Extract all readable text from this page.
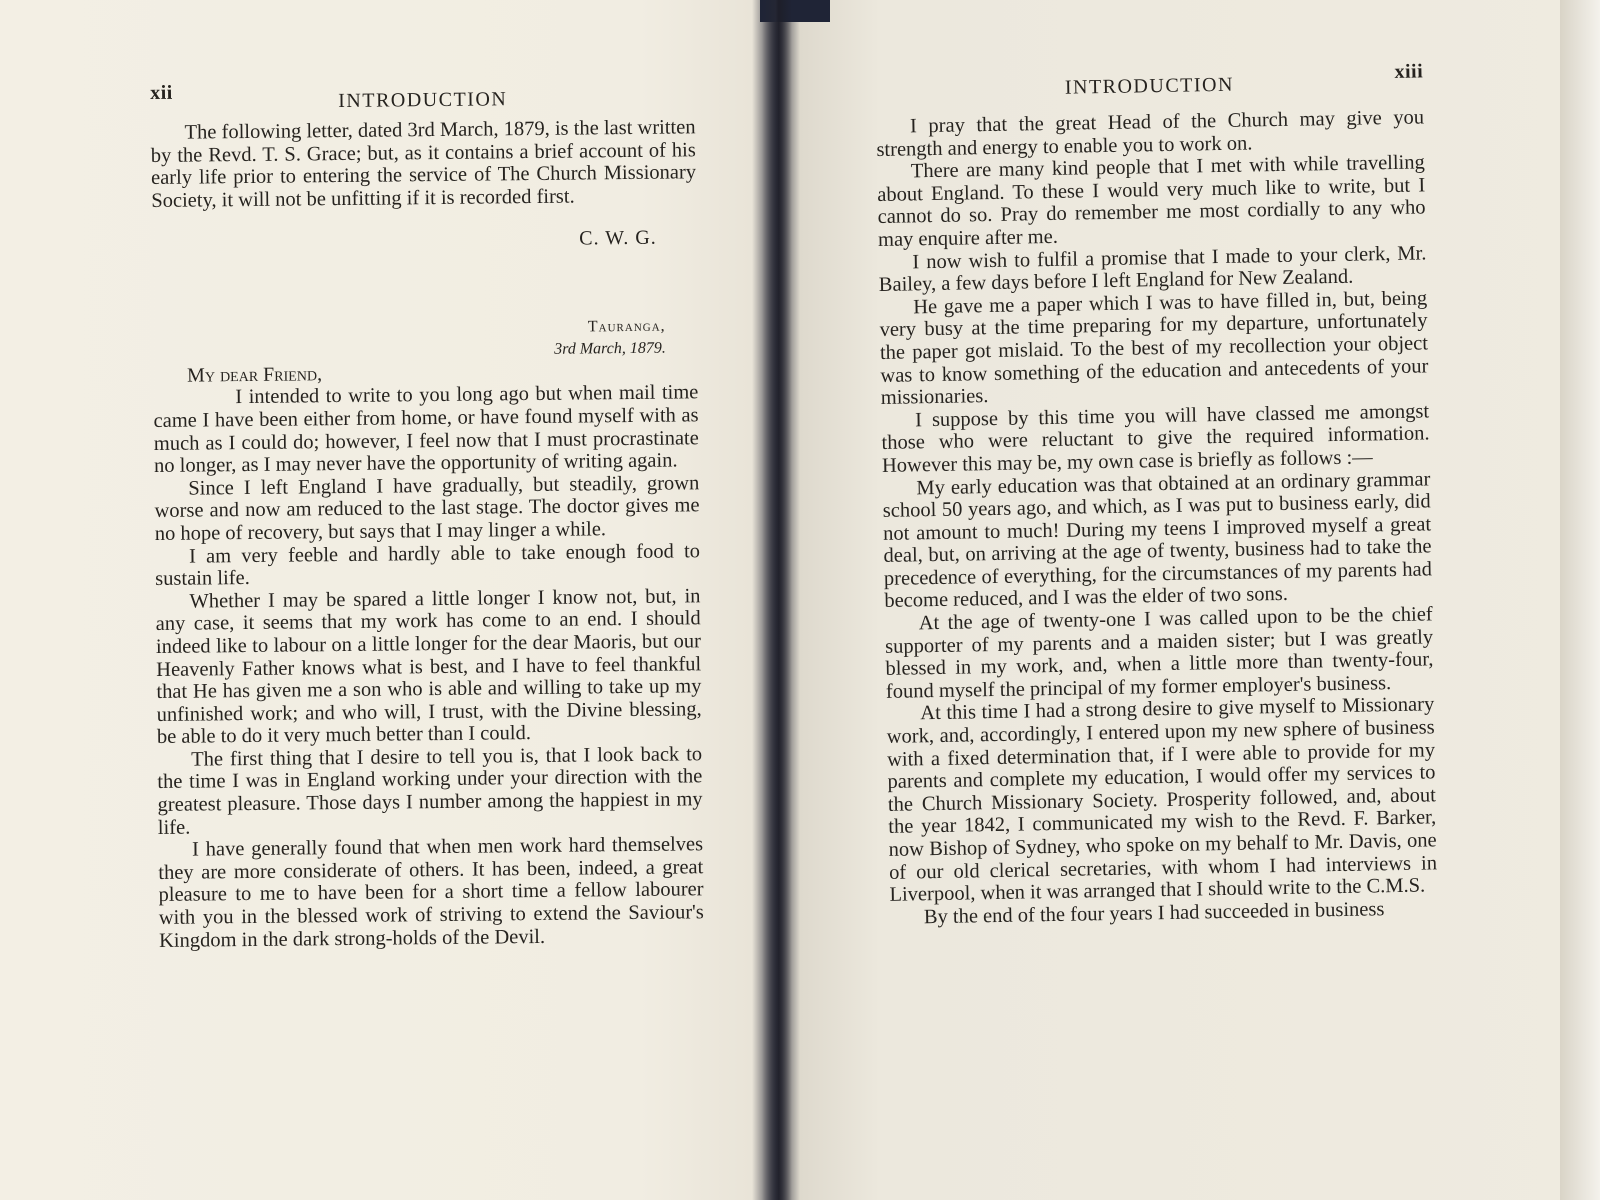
xii	INTRODUCTION

The following letter, dated 3rd March, 1879, is the last written by the Revd. T. S. Grace; but, as it contains a brief account of his early life prior to entering the service of The Church Missionary Society, it will not be unfitting if it is recorded first.

C. W. G.
Tauranga,
3rd March, 1879.
My dear Friend,

I intended to write to you long ago but when mail time came I have been either from home, or have found myself with as much as I could do; however, I feel now that I must procrastinate no longer, as I may never have the opportunity of writing again.

Since I left England I have gradually, but steadily, grown worse and now am reduced to the last stage. The doctor gives me no hope of recovery, but says that I may linger a while.

I am very feeble and hardly able to take enough food to sustain life.

Whether I may be spared a little longer I know not, but, in any case, it seems that my work has come to an end. I should indeed like to labour on a little longer for the dear Maoris, but our Heavenly Father knows what is best, and I have to feel thankful that He has given me a son who is able and willing to take up my unfinished work; and who will, I trust, with the Divine blessing, be able to do it very much better than I could.

The first thing that I desire to tell you is, that I look back to the time I was in England working under your direction with the greatest pleasure. Those days I number among the happiest in my life.

I have generally found that when men work hard themselves they are more considerate of others. It has been, indeed, a great pleasure to me to have been for a short time a fellow labourer with you in the blessed work of striving to extend the Saviour's Kingdom in the dark strong-holds of the Devil.

xiii
INTRODUCTION

I pray that the great Head of the Church may give you strength and energy to enable you to work on.

There are many kind people that I met with while travelling about England. To these I would very much like to write, but I cannot do so. Pray do remember me most cordially to any who may enquire after me.

I now wish to fulfil a promise that I made to your clerk, Mr. Bailey, a few days before I left England for New Zealand.

He gave me a paper which I was to have filled in, but, being very busy at the time preparing for my departure, unfortunately the paper got mislaid. To the best of my recollection your object was to know something of the education and antecedents of your missionaries.

I suppose by this time you will have classed me amongst those who were reluctant to give the required information. However this may be, my own case is briefly as follows :—

My early education was that obtained at an ordinary grammar school 50 years ago, and which, as I was put to business early, did not amount to much! During my teens I improved myself a great deal, but, on arriving at the age of twenty, business had to take the precedence of everything, for the circumstances of my parents had become reduced, and I was the elder of two sons.

At the age of twenty-one I was called upon to be the chief supporter of my parents and a maiden sister; but I was greatly blessed in my work, and, when a little more than twenty-four, found myself the principal of my former employer's business.

At this time I had a strong desire to give myself to Missionary work, and, accordingly, I entered upon my new sphere of business with a fixed determination that, if I were able to provide for my parents and complete my education, I would offer my services to the Church Missionary Society. Prosperity followed, and, about the year 1842, I communicated my wish to the Revd. F. Barker, now Bishop of Sydney, who spoke on my behalf to Mr. Davis, one of our old clerical secretaries, with whom I had interviews in Liverpool, when it was arranged that I should write to the C.M.S.

By the end of the four years I had succeeded in business
